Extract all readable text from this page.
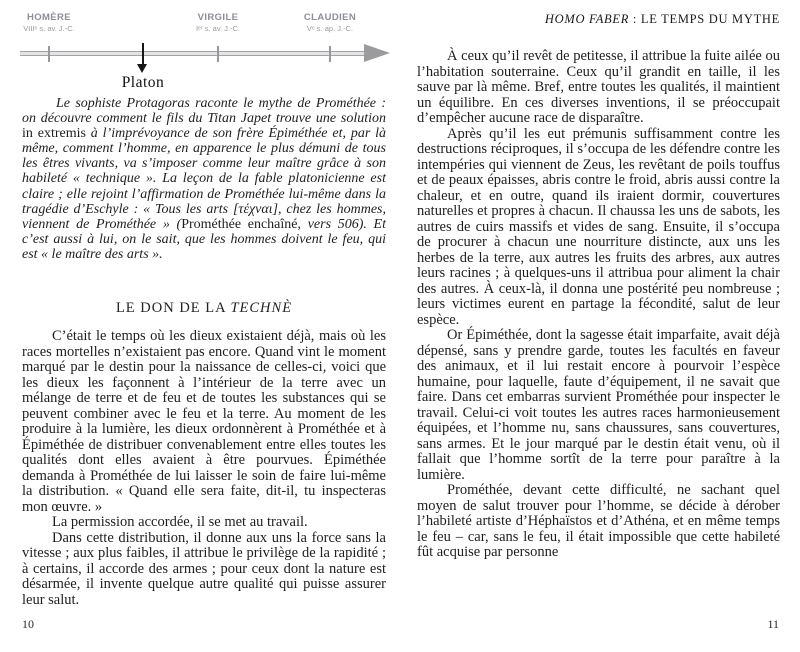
HOMÈRE
VIIIᵉ s. av. J.-C.
VIRGILE
Iᵉʳ s. av. J.-C.
CLAUDIEN
Vᵉ s. ap. J.-C.
Platon

Le sophiste Protagoras raconte le mythe de Prométhée : on découvre comment le fils du Titan Japet trouve une solution in extremis à l’imprévoyance de son frère Épiméthée et, par là même, comment l’homme, en apparence le plus démuni de tous les êtres vivants, va s’imposer comme leur maître grâce à son habileté « technique ». La leçon de la fable platonicienne est claire ; elle rejoint l’affirmation de Prométhée lui-même dans la tragédie d’Eschyle : « Tous les arts [τέχναι], chez les hommes, viennent de Prométhée » (Prométhée enchaîné, vers 506). Et c’est aussi à lui, on le sait, que les hommes doivent le feu, qui est « le maître des arts ».

LE DON DE LA TECHNÈ

C’était le temps où les dieux existaient déjà, mais où les races mortelles n’existaient pas encore. Quand vint le moment marqué par le destin pour la naissance de celles-ci, voici que les dieux les façonnent à l’intérieur de la terre avec un mélange de terre et de feu et de toutes les substances qui se peuvent combiner avec le feu et la terre. Au moment de les produire à la lumière, les dieux ordonnèrent à Prométhée et à Épiméthée de distribuer convenablement entre elles toutes les qualités dont elles avaient à être pourvues. Épiméthée demanda à Prométhée de lui laisser le soin de faire lui-même la distribution. « Quand elle sera faite, dit-il, tu inspecteras mon œuvre. »

La permission accordée, il se met au travail.

Dans cette distribution, il donne aux uns la force sans la vitesse ; aux plus faibles, il attribue le privilège de la rapidité ; à certains, il accorde des armes ; pour ceux dont la nature est désarmée, il invente quelque autre qualité qui puisse assurer leur salut.

10
HOMO FABER : LE TEMPS DU MYTHE

À ceux qu’il revêt de petitesse, il attribue la fuite ailée ou l’habitation souterraine. Ceux qu’il grandit en taille, il les sauve par là même. Bref, entre toutes les qualités, il maintient un équilibre. En ces diverses inventions, il se préoccupait d’empêcher aucune race de disparaître.

Après qu’il les eut prémunis suffisamment contre les destructions réciproques, il s’occupa de les défendre contre les intempéries qui viennent de Zeus, les revêtant de poils touffus et de peaux épaisses, abris contre le froid, abris aussi contre la chaleur, et en outre, quand ils iraient dormir, couvertures naturelles et propres à chacun. Il chaussa les uns de sabots, les autres de cuirs massifs et vides de sang. Ensuite, il s’occupa de procurer à chacun une nourriture distincte, aux uns les herbes de la terre, aux autres les fruits des arbres, aux autres leurs racines ; à quelques-uns il attribua pour aliment la chair des autres. À ceux-là, il donna une postérité peu nombreuse ; leurs victimes eurent en partage la fécondité, salut de leur espèce.

Or Épiméthée, dont la sagesse était imparfaite, avait déjà dépensé, sans y prendre garde, toutes les facultés en faveur des animaux, et il lui restait encore à pourvoir l’espèce humaine, pour laquelle, faute d’équipement, il ne savait que faire. Dans cet embarras survient Prométhée pour inspecter le travail. Celui-ci voit toutes les autres races harmonieusement équipées, et l’homme nu, sans chaussures, sans couvertures, sans armes. Et le jour marqué par le destin était venu, où il fallait que l’homme sortît de la terre pour paraître à la lumière.

Prométhée, devant cette difficulté, ne sachant quel moyen de salut trouver pour l’homme, se décide à dérober l’habileté artiste d’Héphaïstos et d’Athéna, et en même temps le feu – car, sans le feu, il était impossible que cette habileté fût acquise par personne

11
